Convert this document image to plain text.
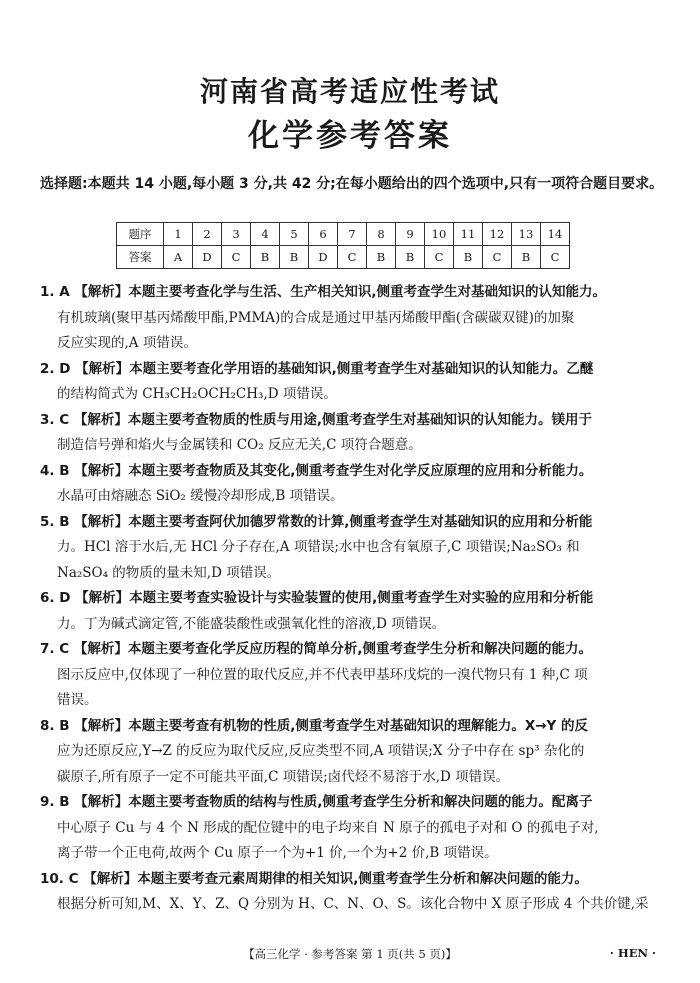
河南省高考适应性考试
化学参考答案
选择题:本题共 14 小题,每小题 3 分,共 42 分;在每小题给出的四个选项中,只有一项符合题目要求。
题序	1	2	3	4	5	6	7	8	9	10	11	12	13	14
答案	A	D	C	B	B	D	C	B	B	C	B	C	B	C
1. A 【解析】本题主要考查化学与生活、生产相关知识,侧重考查学生对基础知识的认知能力。
有机玻璃(聚甲基丙烯酸甲酯,PMMA)的合成是通过甲基丙烯酸甲酯(含碳碳双键)的加聚
反应实现的,A 项错误。
2. D 【解析】本题主要考查化学用语的基础知识,侧重考查学生对基础知识的认知能力。乙醚
的结构简式为 CH₃CH₂OCH₂CH₃,D 项错误。
3. C 【解析】本题主要考查物质的性质与用途,侧重考查学生对基础知识的认知能力。镁用于
制造信号弹和焰火与金属镁和 CO₂ 反应无关,C 项符合题意。
4. B 【解析】本题主要考查物质及其变化,侧重考查学生对化学反应原理的应用和分析能力。
水晶可由熔融态 SiO₂ 缓慢冷却形成,B 项错误。
5. B 【解析】本题主要考查阿伏加德罗常数的计算,侧重考查学生对基础知识的应用和分析能
力。HCl 溶于水后,无 HCl 分子存在,A 项错误;水中也含有氧原子,C 项错误;Na₂SO₃ 和
Na₂SO₄ 的物质的量未知,D 项错误。
6. D 【解析】本题主要考查实验设计与实验装置的使用,侧重考查学生对实验的应用和分析能
力。丁为碱式滴定管,不能盛装酸性或强氧化性的溶液,D 项错误。
7. C 【解析】本题主要考查化学反应历程的简单分析,侧重考查学生分析和解决问题的能力。
图示反应中,仅体现了一种位置的取代反应,并不代表甲基环戊烷的一溴代物只有 1 种,C 项
错误。
8. B 【解析】本题主要考查有机物的性质,侧重考查学生对基础知识的理解能力。X→Y 的反
应为还原反应,Y→Z 的反应为取代反应,反应类型不同,A 项错误;X 分子中存在 sp³ 杂化的
碳原子,所有原子一定不可能共平面,C 项错误;卤代烃不易溶于水,D 项错误。
9. B 【解析】本题主要考查物质的结构与性质,侧重考查学生分析和解决问题的能力。配离子
中心原子 Cu 与 4 个 N 形成的配位键中的电子均来自 N 原子的孤电子对和 O 的孤电子对,
离子带一个正电荷,故两个 Cu 原子一个为+1 价,一个为+2 价,B 项错误。
10. C 【解析】本题主要考查元素周期律的相关知识,侧重考查学生分析和解决问题的能力。
根据分析可知,M、X、Y、Z、Q 分别为 H、C、N、O、S。该化合物中 X 原子形成 4 个共价键,采
【高三化学 · 参考答案 第 1 页(共 5 页)】	· HEN ·
